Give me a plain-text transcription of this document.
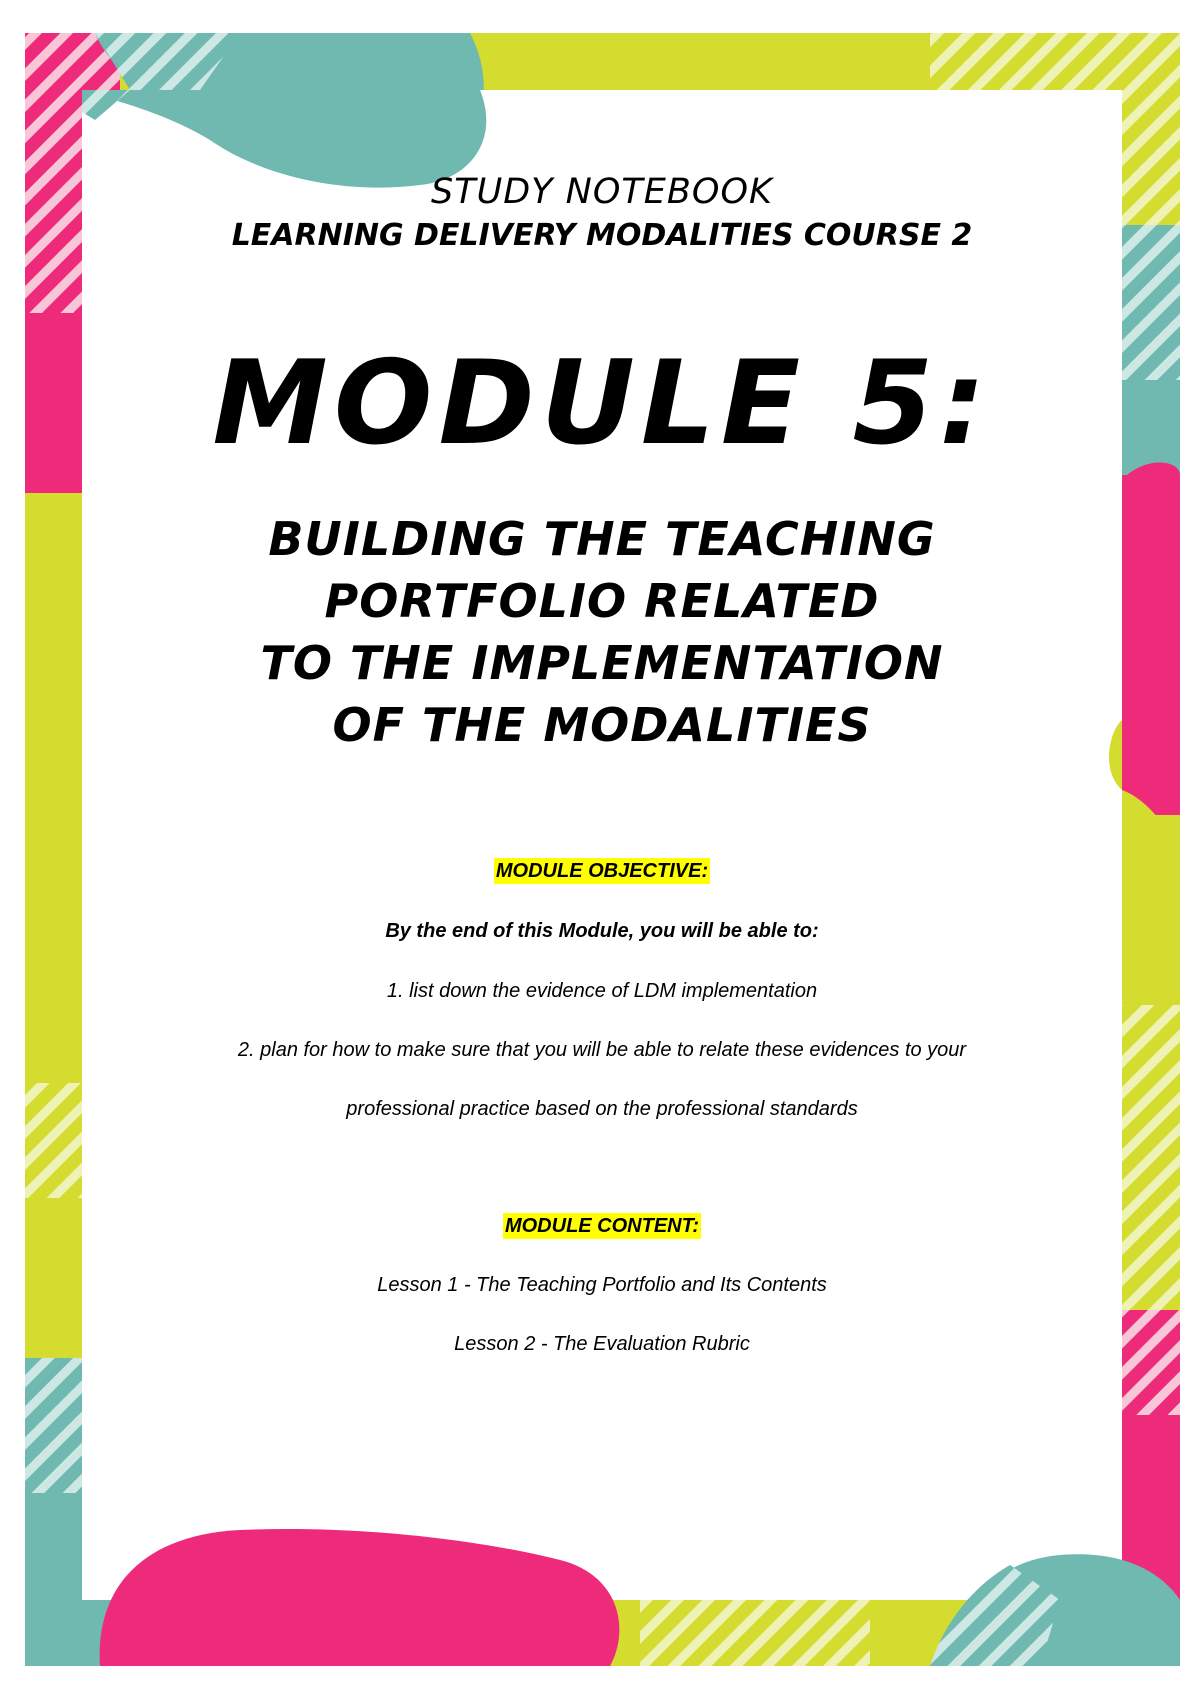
STUDY NOTEBOOK
LEARNING DELIVERY MODALITIES COURSE 2
MODULE 5:
BUILDING THE TEACHING
PORTFOLIO RELATED
TO THE IMPLEMENTATION
OF THE MODALITIES
MODULE OBJECTIVE:
By the end of this Module, you will be able to:
1. list down the evidence of LDM implementation
2. plan for how to make sure that you will be able to relate these evidences to your
professional practice based on the professional standards
MODULE CONTENT:
Lesson 1 - The Teaching Portfolio and Its Contents
Lesson 2 - The Evaluation Rubric
